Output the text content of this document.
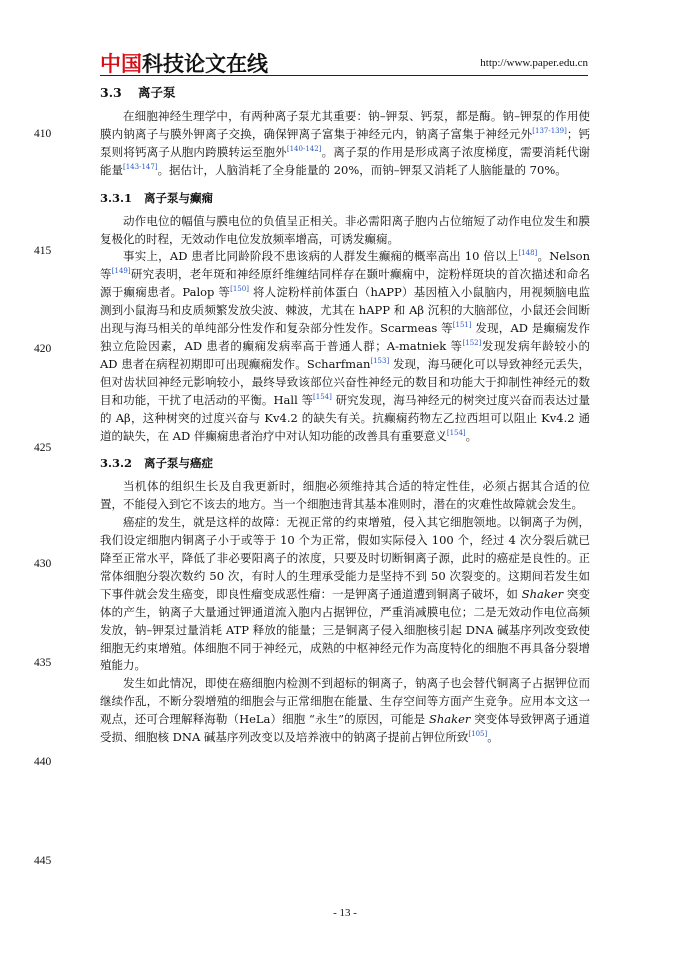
中国 科技论文在线	http://www.paper.edu.cn
410
415
420
425
430
435
440
445
3.3 离子泵

在细胞神经生理学中，有两种离子泵尤其重要：钠–钾泵、钙泵，都是酶。钠–钾泵的作用使膜内钠离子与膜外钾离子交换，确保钾离子富集于神经元内，钠离子富集于神经元外[137-139]；钙泵则将钙离子从胞内跨膜转运至胞外[140-142]。离子泵的作用是形成离子浓度梯度，需要消耗代谢能量[143-147]。据估计，人脑消耗了全身能量的 20%，而钠–钾泵又消耗了人脑能量的 70%。

3.3.1 离子泵与癫痫

动作电位的幅值与膜电位的负值呈正相关。非必需阳离子胞内占位缩短了动作电位发生和膜复极化的时程，无效动作电位发放频率增高，可诱发癫痫。

事实上，AD 患者比同龄阶段不患该病的人群发生癫痫的概率高出 10 倍以上[148]。Nelson 等[149]研究表明，老年斑和神经原纤维缠结同样存在颞叶癫痫中，淀粉样斑块的首次描述和命名源于癫痫患者。Palop 等[150] 将人淀粉样前体蛋白（hAPP）基因植入小鼠脑内，用视频脑电监测到小鼠海马和皮质频繁发放尖波、棘波，尤其在 hAPP 和 Aβ 沉积的大脑部位，小鼠还会间断出现与海马相关的单纯部分性发作和复杂部分性发作。Scarmeas 等[151] 发现，AD 是癫痫发作独立危险因素，AD 患者的癫痫发病率高于普通人群；A-matniek 等[152]发现发病年龄较小的 AD 患者在病程初期即可出现癫痫发作。Scharfman[153] 发现，海马硬化可以导致神经元丢失，但对齿状回神经元影响较小，最终导致该部位兴奋性神经元的数目和功能大于抑制性神经元的数目和功能，干扰了电活动的平衡。Hall 等[154] 研究发现，海马神经元的树突过度兴奋而表达过量的 Aβ，这种树突的过度兴奋与 Kv4.2 的缺失有关。抗癫痫药物左乙拉西坦可以阻止 Kv4.2 通道的缺失，在 AD 伴癫痫患者治疗中对认知功能的改善具有重要意义[154]。

3.3.2 离子泵与癌症

当机体的组织生长及自我更新时，细胞必须维持其合适的特定性佳，必须占据其合适的位置，不能侵入到它不该去的地方。当一个细胞违背其基本准则时，潜在的灾难性故障就会发生。

癌症的发生，就是这样的故障：无视正常的约束增殖，侵入其它细胞领地。以铜离子为例，我们设定细胞内铜离子小于或等于 10 个为正常，假如实际侵入 100 个，经过 4 次分裂后就已降至正常水平，降低了非必要阳离子的浓度，只要及时切断铜离子源，此时的癌症是良性的。正常体细胞分裂次数约 50 次，有时人的生理承受能力是坚持不到 50 次裂变的。这期间若发生如下事件就会发生癌变，即良性瘤变成恶性瘤：一是钾离子通道遭到铜离子破坏，如 Shaker 突变体的产生，钠离子大量通过钾通道流入胞内占据钾位，严重消减膜电位；二是无效动作电位高频发放，钠–钾泵过量消耗 ATP 释放的能量；三是铜离子侵入细胞核引起 DNA 碱基序列改变致使细胞无约束增殖。体细胞不同于神经元，成熟的中枢神经元作为高度特化的细胞不再具备分裂增殖能力。

发生如此情况，即使在癌细胞内检测不到超标的铜离子，钠离子也会替代铜离子占据钾位而继续作乱，不断分裂增殖的细胞会与正常细胞在能量、生存空间等方面产生竞争。应用本文这一观点，还可合理解释海勒（HeLa）细胞 “永生”的原因，可能是 Shaker 突变体导致钾离子通道受损、细胞核 DNA 碱基序列改变以及培养液中的钠离子提前占钾位所致[105]。

- 13 -
